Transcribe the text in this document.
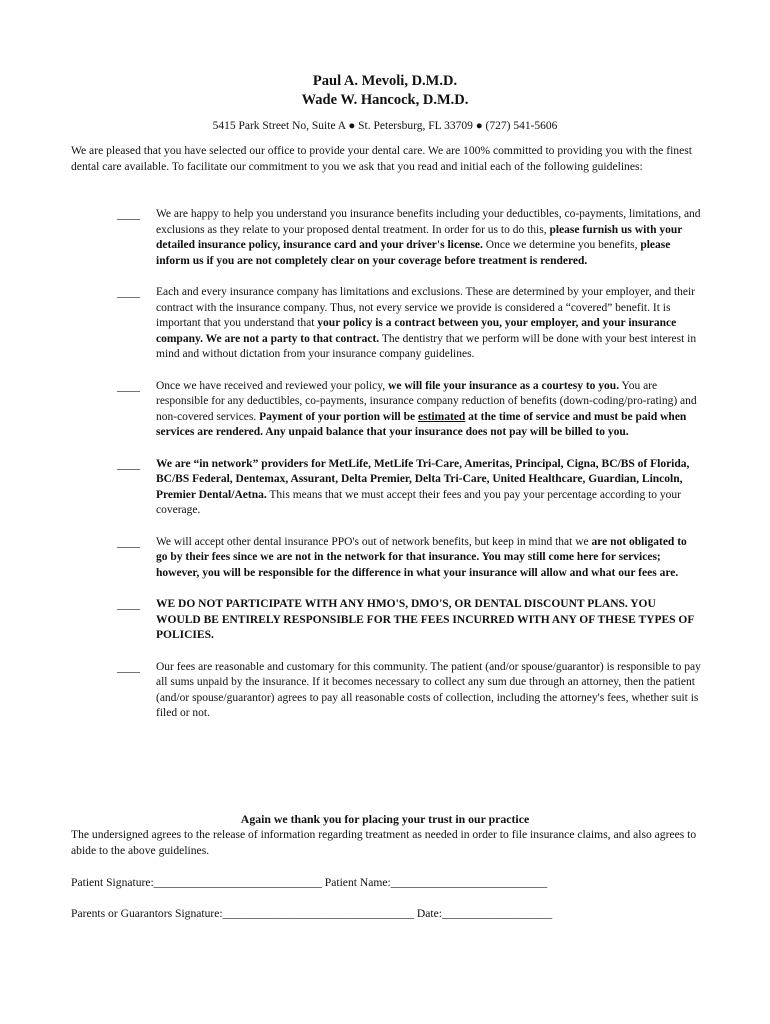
Paul A. Mevoli, D.M.D.
Wade W. Hancock, D.M.D.
5415 Park Street No, Suite A ● St. Petersburg, FL 33709 ● (727) 541-5606
We are pleased that you have selected our office to provide your dental care. We are 100% committed to providing you with the finest dental care available. To facilitate our commitment to you we ask that you read and initial each of the following guidelines:
____ We are happy to help you understand you insurance benefits including your deductibles, co-payments, limitations, and exclusions as they relate to your proposed dental treatment. In order for us to do this, please furnish us with your detailed insurance policy, insurance card and your driver's license. Once we determine you benefits, please inform us if you are not completely clear on your coverage before treatment is rendered.
____ Each and every insurance company has limitations and exclusions. These are determined by your employer, and their contract with the insurance company. Thus, not every service we provide is considered a “covered” benefit. It is important that you understand that your policy is a contract between you, your employer, and your insurance company. We are not a party to that contract. The dentistry that we perform will be done with your best interest in mind and without dictation from your insurance company guidelines.
____ Once we have received and reviewed your policy, we will file your insurance as a courtesy to you. You are responsible for any deductibles, co-payments, insurance company reduction of benefits (down-coding/pro-rating) and non-covered services. Payment of your portion will be estimated at the time of service and must be paid when services are rendered. Any unpaid balance that your insurance does not pay will be billed to you.
____ We are “in network” providers for MetLife, MetLife Tri-Care, Ameritas, Principal, Cigna, BC/BS of Florida, BC/BS Federal, Dentemax, Assurant, Delta Premier, Delta Tri-Care, United Healthcare, Guardian, Lincoln, Premier Dental/Aetna. This means that we must accept their fees and you pay your percentage according to your coverage.
____ We will accept other dental insurance PPO's out of network benefits, but keep in mind that we are not obligated to go by their fees since we are not in the network for that insurance. You may still come here for services; however, you will be responsible for the difference in what your insurance will allow and what our fees are.
____ WE DO NOT PARTICIPATE WITH ANY HMO'S, DMO'S, OR DENTAL DISCOUNT PLANS. YOU WOULD BE ENTIRELY RESPONSIBLE FOR THE FEES INCURRED WITH ANY OF THESE TYPES OF POLICIES.
____ Our fees are reasonable and customary for this community. The patient (and/or spouse/guarantor) is responsible to pay all sums unpaid by the insurance. If it becomes necessary to collect any sum due through an attorney, then the patient (and/or spouse/guarantor) agrees to pay all reasonable costs of collection, including the attorney's fees, whether suit is filed or not.
Again we thank you for placing your trust in our practice
The undersigned agrees to the release of information regarding treatment as needed in order to file insurance claims, and also agrees to abide to the above guidelines.
Patient Signature:_____________________________ Patient Name:___________________________
Parents or Guarantors Signature:_________________________________ Date:___________________
